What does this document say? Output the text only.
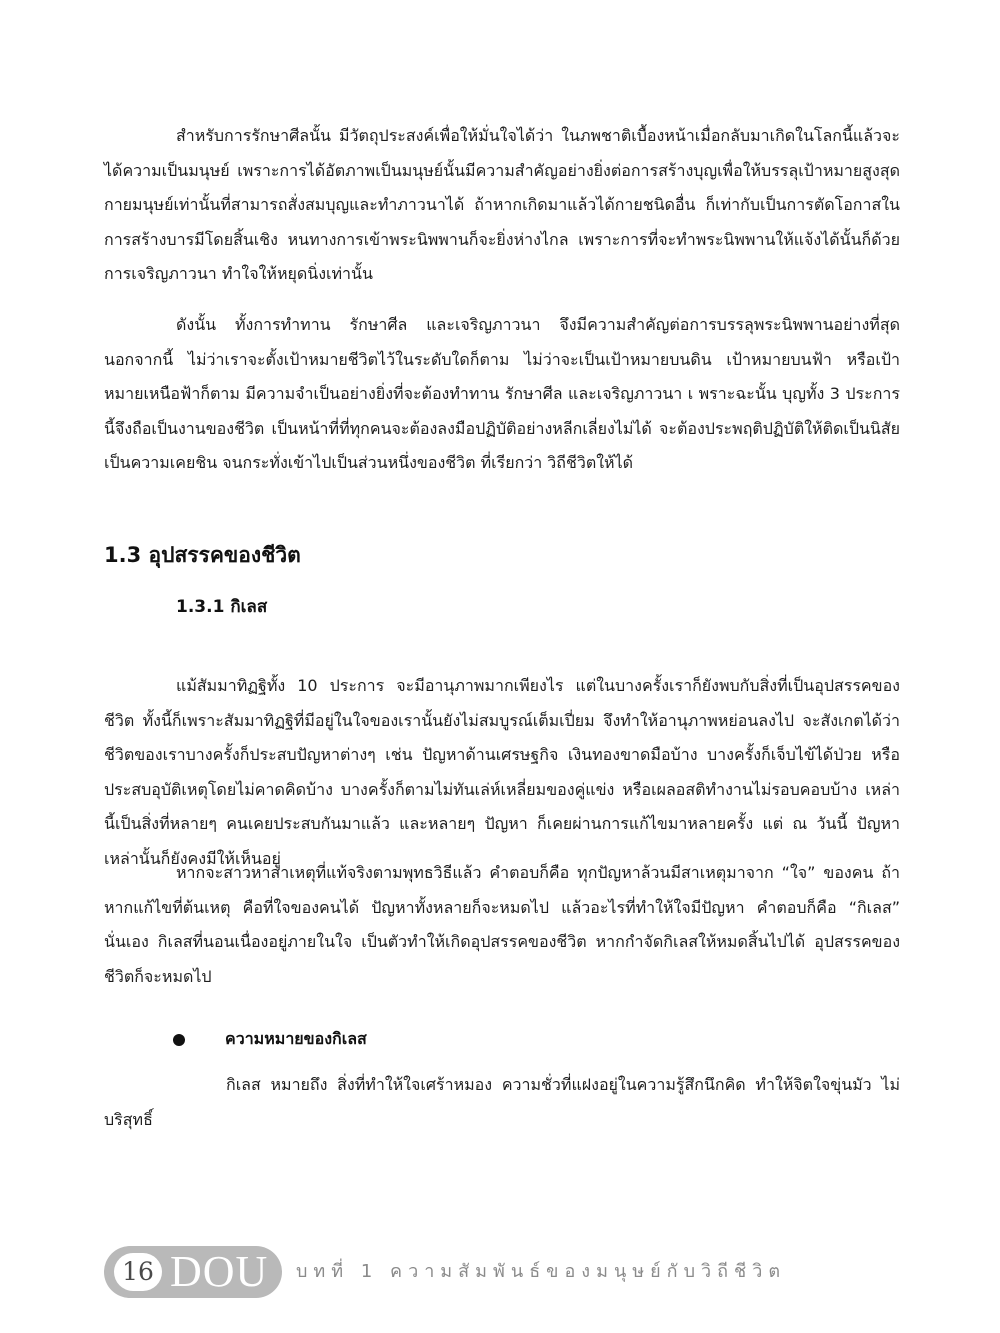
สำหรับการรักษาศีลนั้น มีวัตถุประสงค์เพื่อให้มั่นใจได้ว่า ในภพชาติเบื้องหน้าเมื่อกลับมาเกิดในโลกนี้แล้วจะได้ความเป็นมนุษย์ เพราะการได้อัตภาพเป็นมนุษย์นั้นมีความสำคัญอย่างยิ่งต่อการสร้างบุญเพื่อให้บรรลุเป้าหมายสูงสุด กายมนุษย์เท่านั้นที่สามารถสั่งสมบุญและทำภาวนาได้ ถ้าหากเกิดมาแล้วได้กายชนิดอื่น ก็เท่ากับเป็นการตัดโอกาสในการสร้างบารมีโดยสิ้นเชิง หนทางการเข้าพระนิพพานก็จะยิ่งห่างไกล เพราะการที่จะทำพระนิพพานให้แจ้งได้นั้นก็ด้วยการเจริญภาวนา ทำใจให้หยุดนิ่งเท่านั้น

ดังนั้น ทั้งการทำทาน รักษาศีล และเจริญภาวนา จึงมีความสำคัญต่อการบรรลุพระนิพพานอย่างที่สุด นอกจากนี้ ไม่ว่าเราจะตั้งเป้าหมายชีวิตไว้ในระดับใดก็ตาม ไม่ว่าจะเป็นเป้าหมายบนดิน เป้าหมายบนฟ้า หรือเป้าหมายเหนือฟ้าก็ตาม มีความจำเป็นอย่างยิ่งที่จะต้องทำทาน รักษาศีล และเจริญภาวนา เ พราะฉะนั้น บุญทั้ง 3 ประการนี้จึงถือเป็นงานของชีวิต เป็นหน้าที่ที่ทุกคนจะต้องลงมือปฏิบัติอย่างหลีกเลี่ยงไม่ได้ จะต้องประพฤติปฏิบัติให้ติดเป็นนิสัย เป็นความเคยชิน จนกระทั่งเข้าไปเป็นส่วนหนึ่งของชีวิต ที่เรียกว่า วิถีชีวิตให้ได้

1.3 อุปสรรคของชีวิต
1.3.1 กิเลส

แม้สัมมาทิฏฐิทั้ง 10 ประการ จะมีอานุภาพมากเพียงไร แต่ในบางครั้งเราก็ยังพบกับสิ่งที่เป็นอุปสรรคของชีวิต ทั้งนี้ก็เพราะสัมมาทิฏฐิที่มีอยู่ในใจของเรานั้นยังไม่สมบูรณ์เต็มเปี่ยม จึงทำให้อานุภาพหย่อนลงไป จะสังเกตได้ว่าชีวิตของเราบางครั้งก็ประสบปัญหาต่างๆ เช่น ปัญหาด้านเศรษฐกิจ เงินทองขาดมือบ้าง บางครั้งก็เจ็บไข้ได้ป่วย หรือประสบอุบัติเหตุโดยไม่คาดคิดบ้าง บางครั้งก็ตามไม่ทันเล่ห์เหลี่ยมของคู่แข่ง หรือเผลอสติทำงานไม่รอบคอบบ้าง เหล่านี้เป็นสิ่งที่หลายๆ คนเคยประสบกันมาแล้ว และหลายๆ ปัญหา ก็เคยผ่านการแก้ไขมาหลายครั้ง แต่ ณ วันนี้ ปัญหาเหล่านั้นก็ยังคงมีให้เห็นอยู่

หากจะสาวหาสาเหตุที่แท้จริงตามพุทธวิธีแล้ว คำตอบก็คือ ทุกปัญหาล้วนมีสาเหตุมาจาก “ใจ” ของคน ถ้าหากแก้ไขที่ต้นเหตุ คือที่ใจของคนได้ ปัญหาทั้งหลายก็จะหมดไป แล้วอะไรที่ทำให้ใจมีปัญหา คำตอบก็คือ “กิเลส” นั่นเอง กิเลสที่นอนเนื่องอยู่ภายในใจ เป็นตัวทำให้เกิดอุปสรรคของชีวิต หากกำจัดกิเลสให้หมดสิ้นไปได้ อุปสรรคของชีวิตก็จะหมดไป

ความหมายของกิเลส

กิเลส หมายถึง สิ่งที่ทำให้ใจเศร้าหมอง ความชั่วที่แฝงอยู่ในความรู้สึกนึกคิด ทำให้จิตใจขุ่นมัว ไม่บริสุทธิ์

16 DOU	บทที่ 1 ความสัมพันธ์ของมนุษย์กับวิถีชีวิต
